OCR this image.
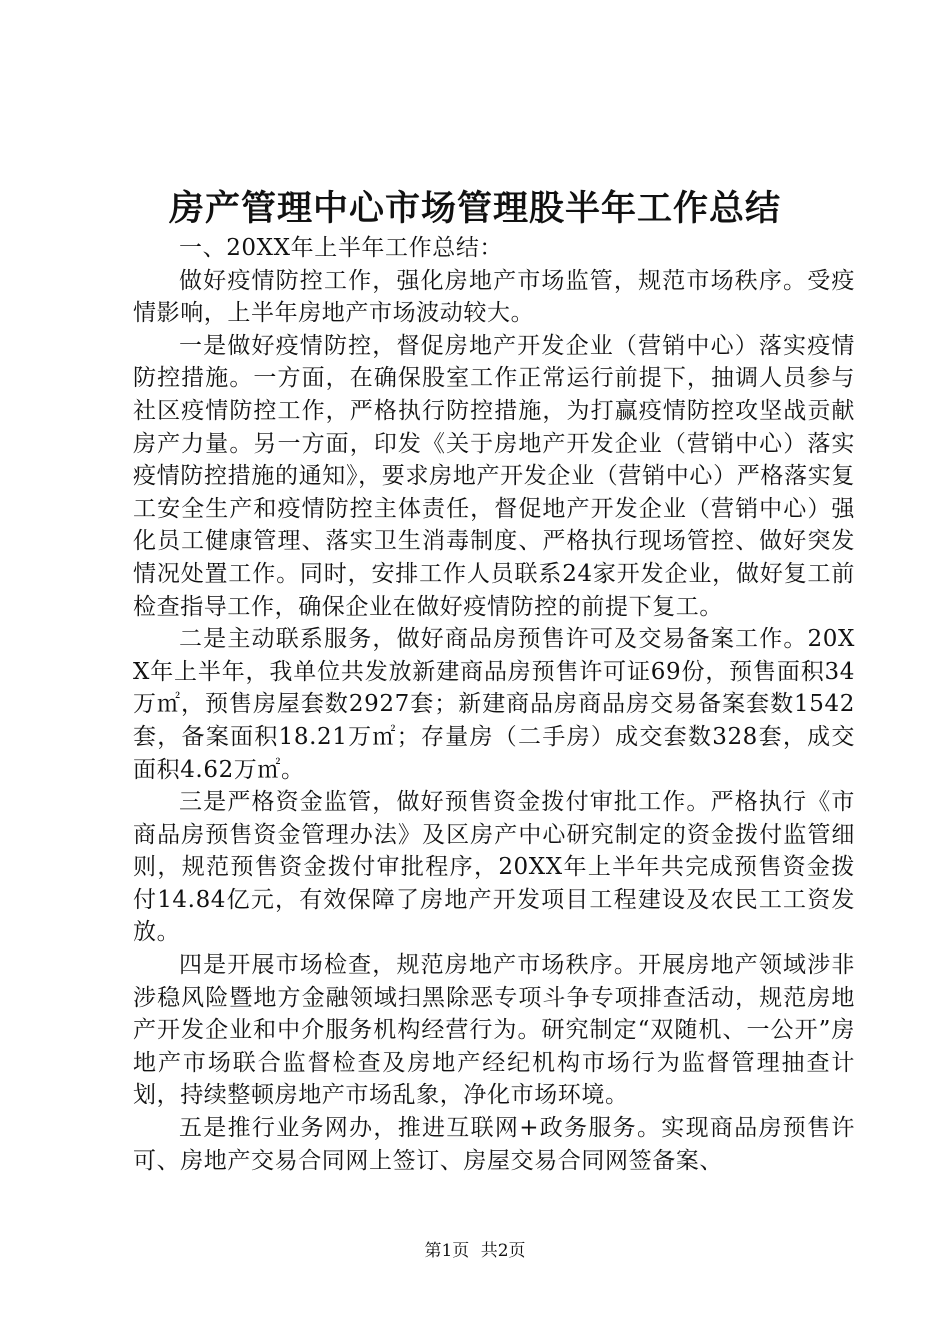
房产管理中心市场管理股半年工作总结

一、20XX年上半年工作总结：

做好疫情防控工作，强化房地产市场监管，规范市场秩序。受疫情影响，上半年房地产市场波动较大。

一是做好疫情防控，督促房地产开发企业（营销中心）落实疫情防控措施。一方面，在确保股室工作正常运行前提下，抽调人员参与社区疫情防控工作，严格执行防控措施，为打赢疫情防控攻坚战贡献房产力量。另一方面，印发《关于房地产开发企业（营销中心）落实疫情防控措施的通知》，要求房地产开发企业（营销中心）严格落实复工安全生产和疫情防控主体责任，督促地产开发企业（营销中心）强化员工健康管理、落实卫生消毒制度、严格执行现场管控、做好突发情况处置工作。同时，安排工作人员联系24家开发企业，做好复工前检查指导工作，确保企业在做好疫情防控的前提下复工。

二是主动联系服务，做好商品房预售许可及交易备案工作。20XX年上半年，我单位共发放新建商品房预售许可证69份，预售面积34万㎡，预售房屋套数2927套；新建商品房商品房交易备案套数1542套，备案面积18.21万㎡；存量房（二手房）成交套数328套，成交面积4.62万㎡。

三是严格资金监管，做好预售资金拨付审批工作。严格执行《市商品房预售资金管理办法》及区房产中心研究制定的资金拨付监管细则，规范预售资金拨付审批程序，20XX年上半年共完成预售资金拨付14.84亿元，有效保障了房地产开发项目工程建设及农民工工资发放。

四是开展市场检查，规范房地产市场秩序。开展房地产领域涉非涉稳风险暨地方金融领域扫黑除恶专项斗争专项排查活动，规范房地产开发企业和中介服务机构经营行为。研究制定“双随机、一公开”房地产市场联合监督检查及房地产经纪机构市场行为监督管理抽查计划，持续整顿房地产市场乱象，净化市场环境。

五是推行业务网办，推进互联网+政务服务。实现商品房预售许可、房地产交易合同网上签订、房屋交易合同网签备案、

第1页 共2页
